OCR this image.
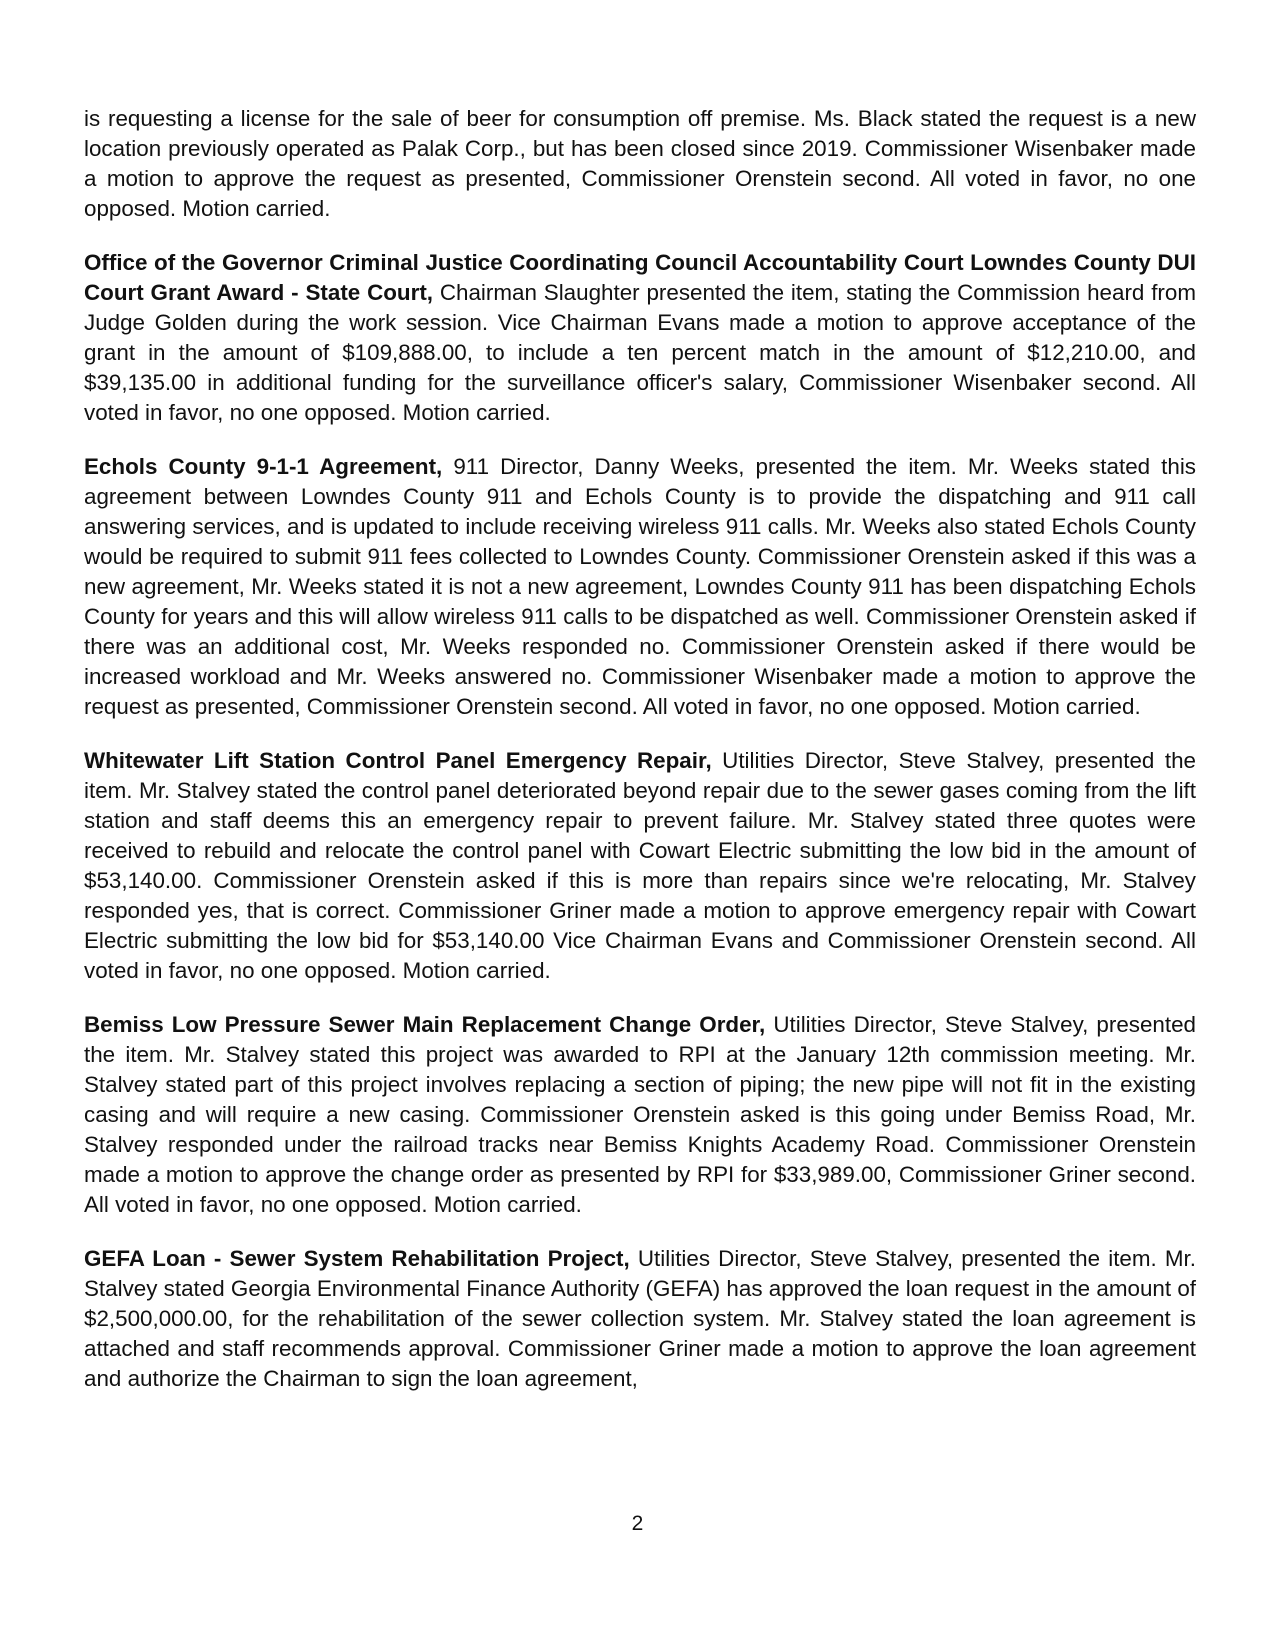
is requesting a license for the sale of beer for consumption off premise. Ms. Black stated the request is a new location previously operated as Palak Corp., but has been closed since 2019. Commissioner Wisenbaker made a motion to approve the request as presented, Commissioner Orenstein second. All voted in favor, no one opposed. Motion carried.

Office of the Governor Criminal Justice Coordinating Council Accountability Court Lowndes County DUI Court Grant Award - State Court, Chairman Slaughter presented the item, stating the Commission heard from Judge Golden during the work session. Vice Chairman Evans made a motion to approve acceptance of the grant in the amount of $109,888.00, to include a ten percent match in the amount of $12,210.00, and $39,135.00 in additional funding for the surveillance officer's salary, Commissioner Wisenbaker second. All voted in favor, no one opposed. Motion carried.

Echols County 9-1-1 Agreement, 911 Director, Danny Weeks, presented the item. Mr. Weeks stated this agreement between Lowndes County 911 and Echols County is to provide the dispatching and 911 call answering services, and is updated to include receiving wireless 911 calls. Mr. Weeks also stated Echols County would be required to submit 911 fees collected to Lowndes County. Commissioner Orenstein asked if this was a new agreement, Mr. Weeks stated it is not a new agreement, Lowndes County 911 has been dispatching Echols County for years and this will allow wireless 911 calls to be dispatched as well. Commissioner Orenstein asked if there was an additional cost, Mr. Weeks responded no. Commissioner Orenstein asked if there would be increased workload and Mr. Weeks answered no. Commissioner Wisenbaker made a motion to approve the request as presented, Commissioner Orenstein second. All voted in favor, no one opposed. Motion carried.

Whitewater Lift Station Control Panel Emergency Repair, Utilities Director, Steve Stalvey, presented the item. Mr. Stalvey stated the control panel deteriorated beyond repair due to the sewer gases coming from the lift station and staff deems this an emergency repair to prevent failure. Mr. Stalvey stated three quotes were received to rebuild and relocate the control panel with Cowart Electric submitting the low bid in the amount of $53,140.00. Commissioner Orenstein asked if this is more than repairs since we're relocating, Mr. Stalvey responded yes, that is correct. Commissioner Griner made a motion to approve emergency repair with Cowart Electric submitting the low bid for $53,140.00 Vice Chairman Evans and Commissioner Orenstein second. All voted in favor, no one opposed. Motion carried.

Bemiss Low Pressure Sewer Main Replacement Change Order, Utilities Director, Steve Stalvey, presented the item. Mr. Stalvey stated this project was awarded to RPI at the January 12th commission meeting. Mr. Stalvey stated part of this project involves replacing a section of piping; the new pipe will not fit in the existing casing and will require a new casing. Commissioner Orenstein asked is this going under Bemiss Road, Mr. Stalvey responded under the railroad tracks near Bemiss Knights Academy Road. Commissioner Orenstein made a motion to approve the change order as presented by RPI for $33,989.00, Commissioner Griner second. All voted in favor, no one opposed. Motion carried.

GEFA Loan - Sewer System Rehabilitation Project, Utilities Director, Steve Stalvey, presented the item. Mr. Stalvey stated Georgia Environmental Finance Authority (GEFA) has approved the loan request in the amount of $2,500,000.00, for the rehabilitation of the sewer collection system. Mr. Stalvey stated the loan agreement is attached and staff recommends approval. Commissioner Griner made a motion to approve the loan agreement and authorize the Chairman to sign the loan agreement,

2
